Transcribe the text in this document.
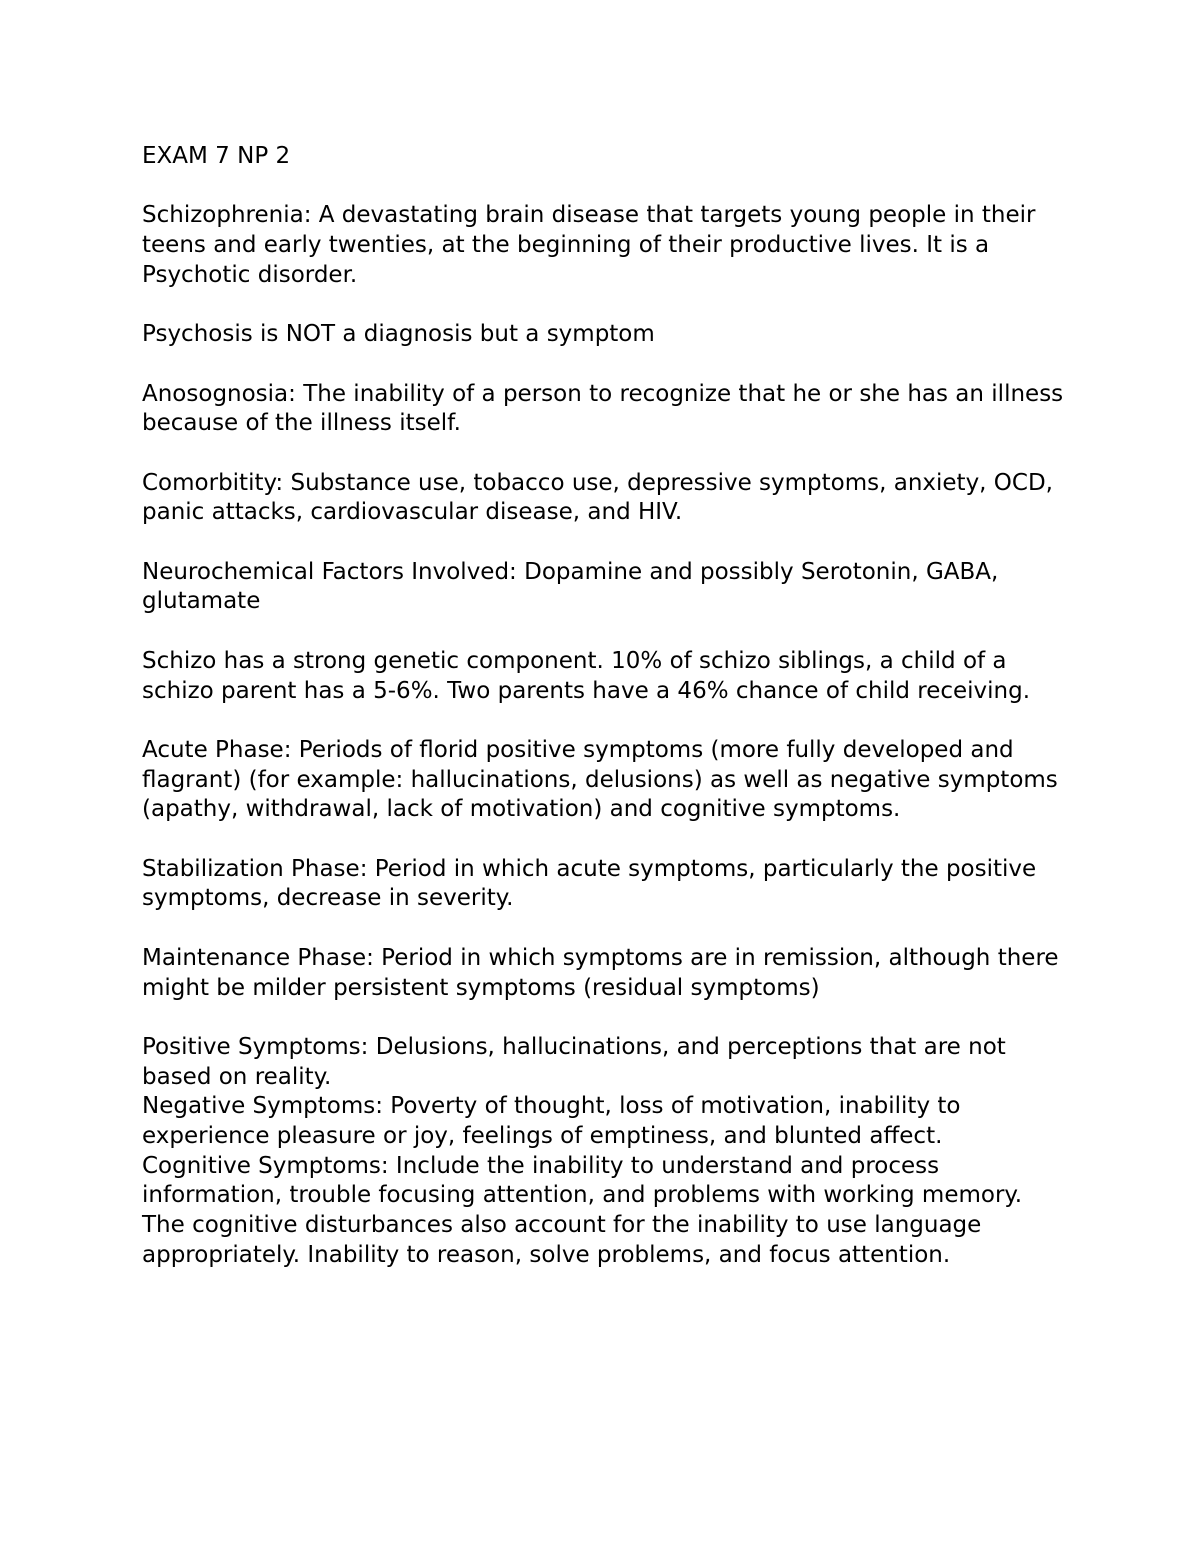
EXAM 7 NP 2

Schizophrenia: A devastating brain disease that targets young people in their teens and early twenties, at the beginning of their productive lives. It is a Psychotic disorder.

Psychosis is NOT a diagnosis but a symptom

Anosognosia: The inability of a person to recognize that he or she has an illness because of the illness itself.

Comorbitity: Substance use, tobacco use, depressive symptoms, anxiety, OCD, panic attacks, cardiovascular disease, and HIV.

Neurochemical Factors Involved: Dopamine and possibly Serotonin, GABA, glutamate

Schizo has a strong genetic component. 10% of schizo siblings, a child of a schizo parent has a 5-6%. Two parents have a 46% chance of child receiving.

Acute Phase: Periods of florid positive symptoms (more fully developed and flagrant) (for example: hallucinations, delusions) as well as negative symptoms (apathy, withdrawal, lack of motivation) and cognitive symptoms.

Stabilization Phase: Period in which acute symptoms, particularly the positive symptoms, decrease in severity.

Maintenance Phase: Period in which symptoms are in remission, although there might be milder persistent symptoms (residual symptoms)

Positive Symptoms: Delusions, hallucinations, and perceptions that are not based on reality.

Negative Symptoms: Poverty of thought, loss of motivation, inability to experience pleasure or joy, feelings of emptiness, and blunted affect.

Cognitive Symptoms: Include the inability to understand and process information, trouble focusing attention, and problems with working memory. The cognitive disturbances also account for the inability to use language appropriately. Inability to reason, solve problems, and focus attention.
